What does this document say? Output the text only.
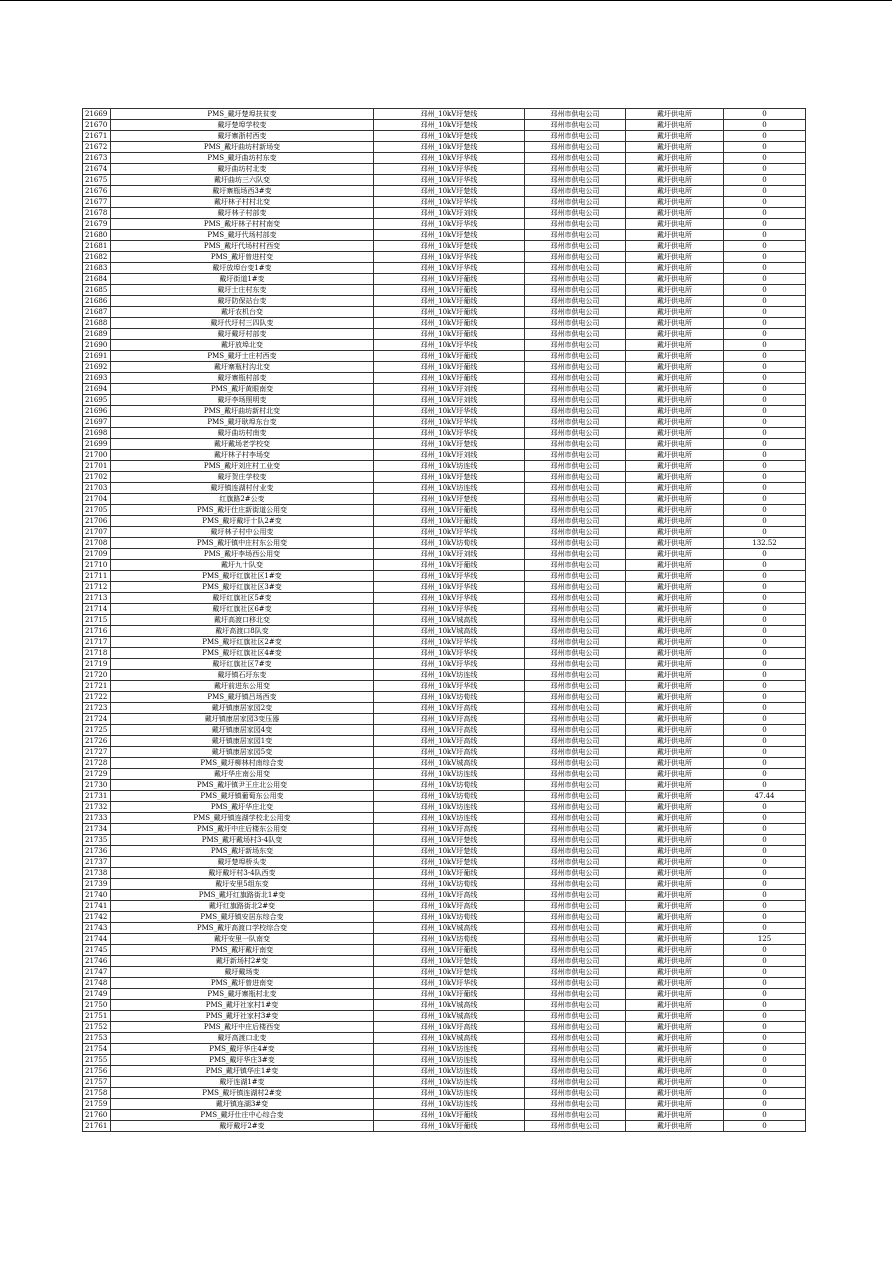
21669	PMS_戴圩楚埠扶贫变	邳州_10kV圩楚线	邳州市供电公司	戴圩供电所	0
21670	戴圩楚埠学校变	邳州_10kV圩楚线	邳州市供电公司	戴圩供电所	0
21671	戴圩寨浙村西变	邳州_10kV圩楚线	邳州市供电公司	戴圩供电所	0
21672	PMS_戴圩曲坊村新场变	邳州_10kV圩楚线	邳州市供电公司	戴圩供电所	0
21673	PMS_戴圩曲坊村东变	邳州_10kV圩华线	邳州市供电公司	戴圩供电所	0
21674	戴圩曲坊村北变	邳州_10kV圩华线	邳州市供电公司	戴圩供电所	0
21675	戴圩曲坊三六队变	邳州_10kV圩华线	邳州市供电公司	戴圩供电所	0
21676	戴圩寨瓶场西3#变	邳州_10kV圩楚线	邳州市供电公司	戴圩供电所	0
21677	戴圩林子村村北变	邳州_10kV圩华线	邳州市供电公司	戴圩供电所	0
21678	戴圩林子村部变	邳州_10kV圩刘线	邳州市供电公司	戴圩供电所	0
21679	PMS_戴圩林子村村南变	邳州_10kV圩华线	邳州市供电公司	戴圩供电所	0
21680	PMS_戴圩代场村部变	邳州_10kV圩楚线	邳州市供电公司	戴圩供电所	0
21681	PMS_戴圩代场村村西变	邳州_10kV圩楚线	邳州市供电公司	戴圩供电所	0
21682	PMS_戴圩曾进村变	邳州_10kV圩华线	邳州市供电公司	戴圩供电所	0
21683	戴圩放埠台变1#变	邳州_10kV圩华线	邳州市供电公司	戴圩供电所	0
21684	戴圩街道1#变	邳州_10kV圩葡线	邳州市供电公司	戴圩供电所	0
21685	戴圩士庄村东变	邳州_10kV圩葡线	邳州市供电公司	戴圩供电所	0
21686	戴圩防保站台变	邳州_10kV圩葡线	邳州市供电公司	戴圩供电所	0
21687	戴圩农机台变	邳州_10kV圩葡线	邳州市供电公司	戴圩供电所	0
21688	戴圩代圩村三四队变	邳州_10kV圩葡线	邳州市供电公司	戴圩供电所	0
21689	戴圩戴圩村部变	邳州_10kV圩葡线	邳州市供电公司	戴圩供电所	0
21690	戴圩放埠北变	邳州_10kV圩华线	邳州市供电公司	戴圩供电所	0
21691	PMS_戴圩士庄村西变	邳州_10kV圩葡线	邳州市供电公司	戴圩供电所	0
21692	戴圩寨瓶村沟北变	邳州_10kV圩葡线	邳州市供电公司	戴圩供电所	0
21693	戴圩寨瓶村部变	邳州_10kV圩葡线	邳州市供电公司	戴圩供电所	0
21694	PMS_戴圩黄眼南变	邳州_10kV圩刘线	邳州市供电公司	戴圩供电所	0
21695	戴圩李场照明变	邳州_10kV圩刘线	邳州市供电公司	戴圩供电所	0
21696	PMS_戴圩曲坊新村北变	邳州_10kV圩华线	邳州市供电公司	戴圩供电所	0
21697	PMS_戴圩耿埠东台变	邳州_10kV圩华线	邳州市供电公司	戴圩供电所	0
21698	戴圩曲坊村南变	邳州_10kV圩华线	邳州市供电公司	戴圩供电所	0
21699	戴圩戴场老学校变	邳州_10kV圩楚线	邳州市供电公司	戴圩供电所	0
21700	戴圩林子村李场变	邳州_10kV圩刘线	邳州市供电公司	戴圩供电所	0
21701	PMS_戴圩刘庄村工业变	邳州_10kV坊连线	邳州市供电公司	戴圩供电所	0
21702	戴圩贺庄学校变	邳州_10kV圩楚线	邳州市供电公司	戴圩供电所	0
21703	戴圩镇连湖村付业变	邳州_10kV坊连线	邳州市供电公司	戴圩供电所	0
21704	红旗路2#公变	邳州_10kV圩楚线	邳州市供电公司	戴圩供电所	0
21705	PMS_戴圩仕庄新街道公用变	邳州_10kV圩葡线	邳州市供电公司	戴圩供电所	0
21706	PMS_戴圩戴圩十队2#变	邳州_10kV圩葡线	邳州市供电公司	戴圩供电所	0
21707	戴圩林子村中公用变	邳州_10kV圩华线	邳州市供电公司	戴圩供电所	0
21708	PMS_戴圩镇中庄村东公用变	邳州_10kV坊荀线	邳州市供电公司	戴圩供电所	132.52
21709	PMS_戴圩李场西公用变	邳州_10kV圩刘线	邳州市供电公司	戴圩供电所	0
21710	戴圩九十队变	邳州_10kV圩葡线	邳州市供电公司	戴圩供电所	0
21711	PMS_戴圩红旗社区1#变	邳州_10kV圩华线	邳州市供电公司	戴圩供电所	0
21712	PMS_戴圩红旗社区3#变	邳州_10kV圩华线	邳州市供电公司	戴圩供电所	0
21713	戴圩红旗社区5#变	邳州_10kV圩华线	邳州市供电公司	戴圩供电所	0
21714	戴圩红旗社区6#变	邳州_10kV圩华线	邳州市供电公司	戴圩供电所	0
21715	戴圩高渡口移北变	邳州_10kV城高线	邳州市供电公司	戴圩供电所	0
21716	戴圩高渡口8队变	邳州_10kV城高线	邳州市供电公司	戴圩供电所	0
21717	PMS_戴圩红旗社区2#变	邳州_10kV圩华线	邳州市供电公司	戴圩供电所	0
21718	PMS_戴圩红旗社区4#变	邳州_10kV圩华线	邳州市供电公司	戴圩供电所	0
21719	戴圩红旗社区7#变	邳州_10kV圩华线	邳州市供电公司	戴圩供电所	0
21720	戴圩镇石圩东变	邳州_10kV坊连线	邳州市供电公司	戴圩供电所	0
21721	戴圩前进东公用变	邳州_10kV圩华线	邳州市供电公司	戴圩供电所	0
21722	PMS_戴圩镇吕场西变	邳州_10kV坊荀线	邳州市供电公司	戴圩供电所	0
21723	戴圩镇康居家园2变	邳州_10kV圩高线	邳州市供电公司	戴圩供电所	0
21724	戴圩镇康居家园3变压器	邳州_10kV圩高线	邳州市供电公司	戴圩供电所	0
21725	戴圩镇康居家园4变	邳州_10kV圩高线	邳州市供电公司	戴圩供电所	0
21726	戴圩镇康居家园1变	邳州_10kV圩高线	邳州市供电公司	戴圩供电所	0
21727	戴圩镇康居家园5变	邳州_10kV圩高线	邳州市供电公司	戴圩供电所	0
21728	PMS_戴圩柳林村南综合变	邳州_10kV城高线	邳州市供电公司	戴圩供电所	0
21729	戴圩华庄南公用变	邳州_10kV坊连线	邳州市供电公司	戴圩供电所	0
21730	PMS_戴圩镇尹王庄北公用变	邳州_10kV坊荀线	邳州市供电公司	戴圩供电所	0
21731	PMS_戴圩镇葡萄东公用变	邳州_10kV坊荀线	邳州市供电公司	戴圩供电所	47.44
21732	PMS_戴圩华庄北变	邳州_10kV坊连线	邳州市供电公司	戴圩供电所	0
21733	PMS_戴圩镇连湖学校北公用变	邳州_10kV坊连线	邳州市供电公司	戴圩供电所	0
21734	PMS_戴圩中庄后楼东公用变	邳州_10kV圩高线	邳州市供电公司	戴圩供电所	0
21735	PMS_戴圩戴场村3-4队变	邳州_10kV圩楚线	邳州市供电公司	戴圩供电所	0
21736	PMS_戴圩新场东变	邳州_10kV圩楚线	邳州市供电公司	戴圩供电所	0
21737	戴圩楚埠桥头变	邳州_10kV圩楚线	邳州市供电公司	戴圩供电所	0
21738	戴圩戴圩村3-4队西变	邳州_10kV圩葡线	邳州市供电公司	戴圩供电所	0
21739	戴圩安里5组东变	邳州_10kV坊荀线	邳州市供电公司	戴圩供电所	0
21740	PMS_戴圩红旗路街北1#变	邳州_10kV圩高线	邳州市供电公司	戴圩供电所	0
21741	戴圩红旗路街北2#变	邳州_10kV圩高线	邳州市供电公司	戴圩供电所	0
21742	PMS_戴圩镇安居东综合变	邳州_10kV坊荀线	邳州市供电公司	戴圩供电所	0
21743	PMS_戴圩高渡口学校综合变	邳州_10kV城高线	邳州市供电公司	戴圩供电所	0
21744	戴圩安里一队南变	邳州_10kV坊荀线	邳州市供电公司	戴圩供电所	125
21745	PMS_戴圩戴圩南变	邳州_10kV圩葡线	邳州市供电公司	戴圩供电所	0
21746	戴圩新场村2#变	邳州_10kV圩楚线	邳州市供电公司	戴圩供电所	0
21747	戴圩戴场变	邳州_10kV圩楚线	邳州市供电公司	戴圩供电所	0
21748	PMS_戴圩曾进南变	邳州_10kV圩华线	邳州市供电公司	戴圩供电所	0
21749	PMS_戴圩寨瓶村北变	邳州_10kV圩葡线	邳州市供电公司	戴圩供电所	0
21750	PMS_戴圩社家村1#变	邳州_10kV城高线	邳州市供电公司	戴圩供电所	0
21751	PMS_戴圩社家村3#变	邳州_10kV城高线	邳州市供电公司	戴圩供电所	0
21752	PMS_戴圩中庄后楼西变	邳州_10kV圩高线	邳州市供电公司	戴圩供电所	0
21753	戴圩高渡口北变	邳州_10kV城高线	邳州市供电公司	戴圩供电所	0
21754	PMS_戴圩华庄4#变	邳州_10kV坊连线	邳州市供电公司	戴圩供电所	0
21755	PMS_戴圩华庄3#变	邳州_10kV坊连线	邳州市供电公司	戴圩供电所	0
21756	PMS_戴圩镇华庄1#变	邳州_10kV坊连线	邳州市供电公司	戴圩供电所	0
21757	戴圩连湖1#变	邳州_10kV坊连线	邳州市供电公司	戴圩供电所	0
21758	PMS_戴圩镇连湖村2#变	邳州_10kV坊连线	邳州市供电公司	戴圩供电所	0
21759	戴圩镇连湖3#变	邳州_10kV坊连线	邳州市供电公司	戴圩供电所	0
21760	PMS_戴圩仕庄中心综合变	邳州_10kV圩葡线	邳州市供电公司	戴圩供电所	0
21761	戴圩戴圩2#变	邳州_10kV圩葡线	邳州市供电公司	戴圩供电所	0
